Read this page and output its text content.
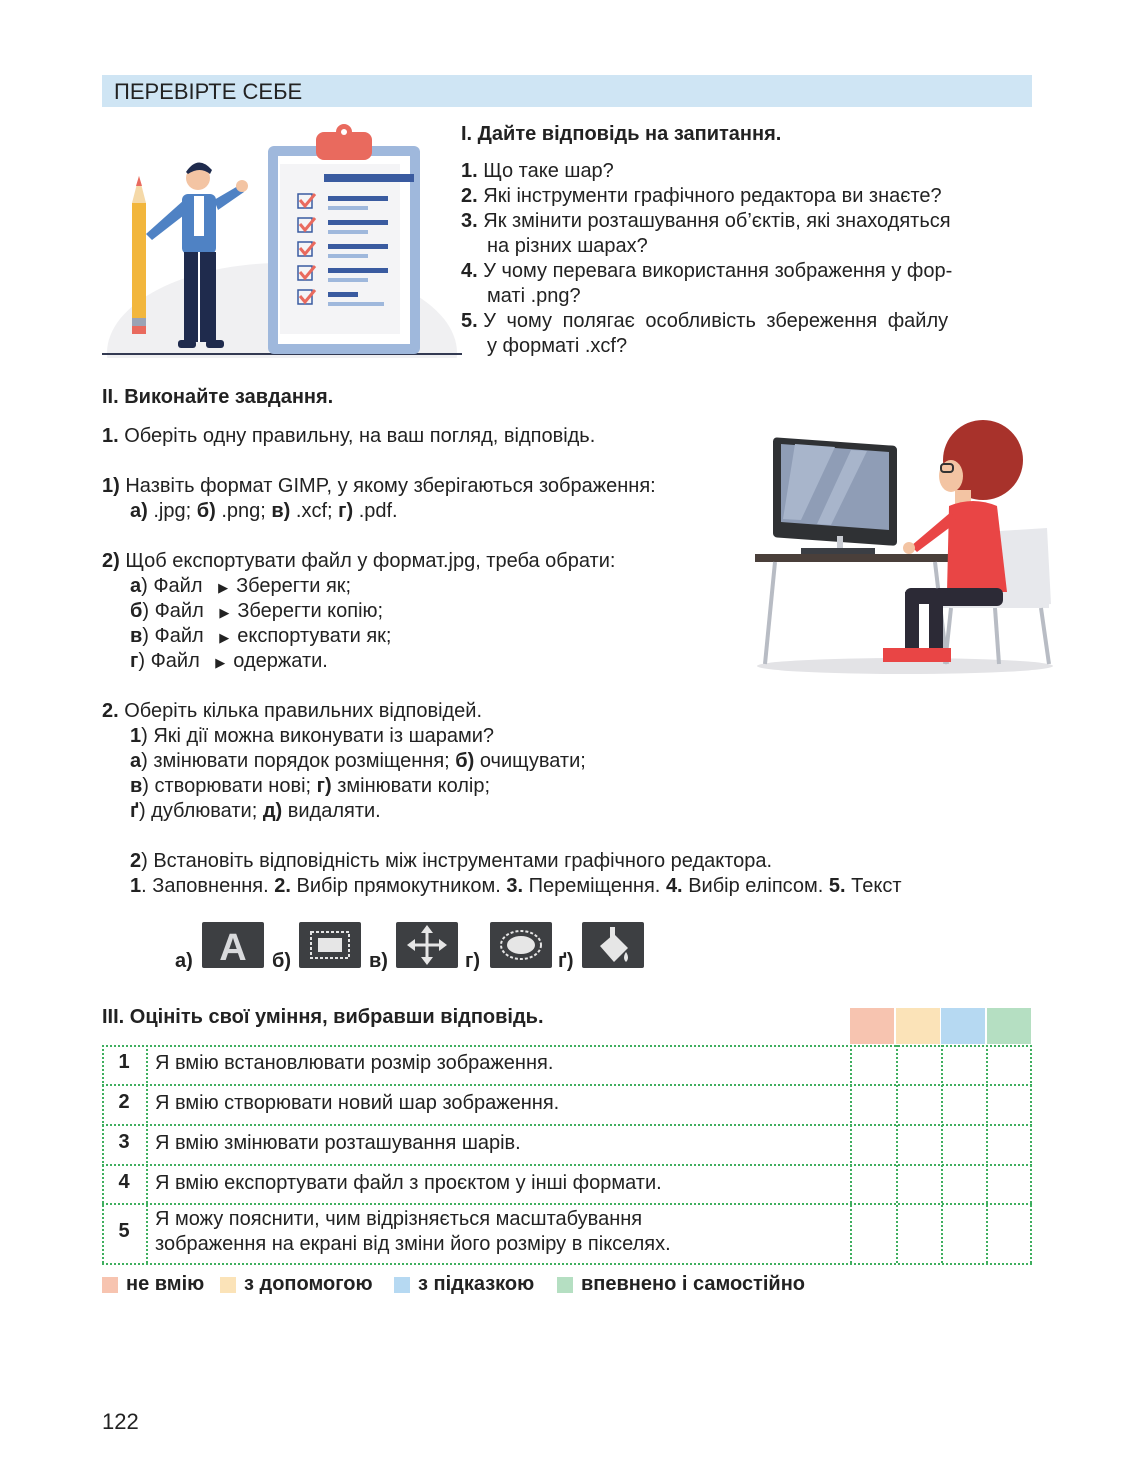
ПЕРЕВІРТЕ СЕБЕ
І. Дайте відповідь на запитання.
1. Що таке шар?
2. Які інструменти графічного редактора ви знаєте?
3. Як змінити розташування об’єктів, які знаходяться
на різних шарах?
4. У чому перевага використання зображення у фор-
маті .png?
5. У чому полягає особливість збереження файлу
у форматі .xcf?
ІІ. Виконайте завдання.
1. Оберіть одну правильну, на ваш погляд, відповідь.
1) Назвіть формат GIMP, у якому зберігаються зображення:
а) .jpg; б) .png; в) .xcf; г) .pdf.
2) Щоб експортувати файл у формат.jpg, треба обрати:
а) Файл ▶ Зберегти як;
б) Файл ▶ Зберегти копію;
в) Файл ▶ експортувати як;
г) Файл ▶ одержати.
2. Оберіть кілька правильних відповідей.
1) Які дії можна виконувати із шарами?
а) змінювати порядок розміщення; б) очищувати;
в) створювати нові; г) змінювати колір;
ґ) дублювати; д) видаляти.
2) Встановіть відповідність між інструментами графічного редактора.
1. Заповнення. 2. Вибір прямокутником. 3. Переміщення. 4. Вибір еліпсом. 5. Текст
а) A б)	в)	г)	ґ)
ІІІ. Оцініть свої уміння, вибравши відповідь.
1	Я вмію встановлювати розмір зображення.
2	Я вмію створювати новий шар зображення.
3	Я вмію змінювати розташування шарів.
4	Я вмію експортувати файл з проєктом у інші формати.
5
Я можу пояснити, чим відрізняється масштабування
зображення на екрані від зміни його розміру в пікселях.
не вмію з допомогою з підказкою впевнено і самостійно
122
